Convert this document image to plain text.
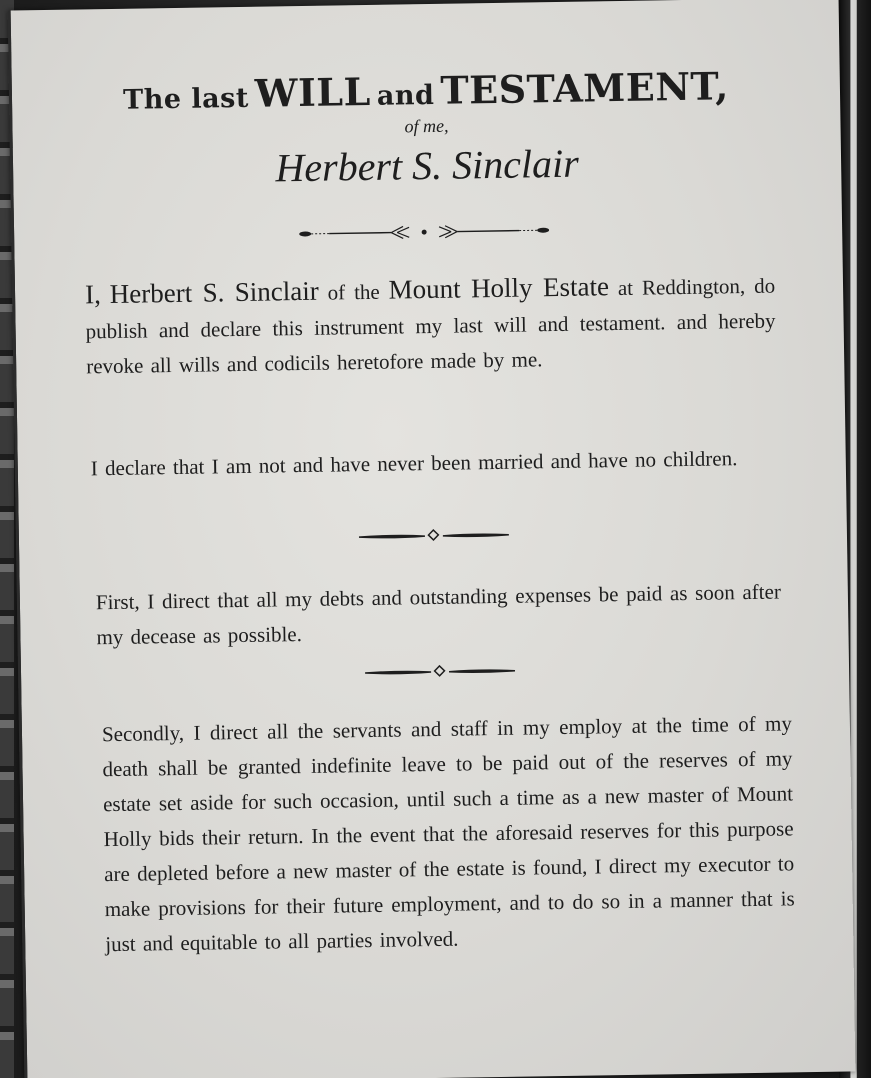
The last WILL and TESTAMENT,
of me,
Herbert S. Sinclair

I, Herbert S. Sinclair of the Mount Holly Estate at Reddington, do publish and declare this instrument my last will and testament. and hereby revoke all wills and codicils heretofore made by me.

I declare that I am not and have never been married and have no children.

First, I direct that all my debts and outstanding expenses be paid as soon after my decease as possible.

Secondly, I direct all the servants and staff in my employ at the time of my death shall be granted indefinite leave to be paid out of the reserves of my estate set aside for such occasion, until such a time as a new master of Mount Holly bids their return. In the event that the aforesaid reserves for this purpose are depleted before a new master of the estate is found, I direct my executor to make provisions for their future employment, and to do so in a manner that is just and equitable to all parties involved.
